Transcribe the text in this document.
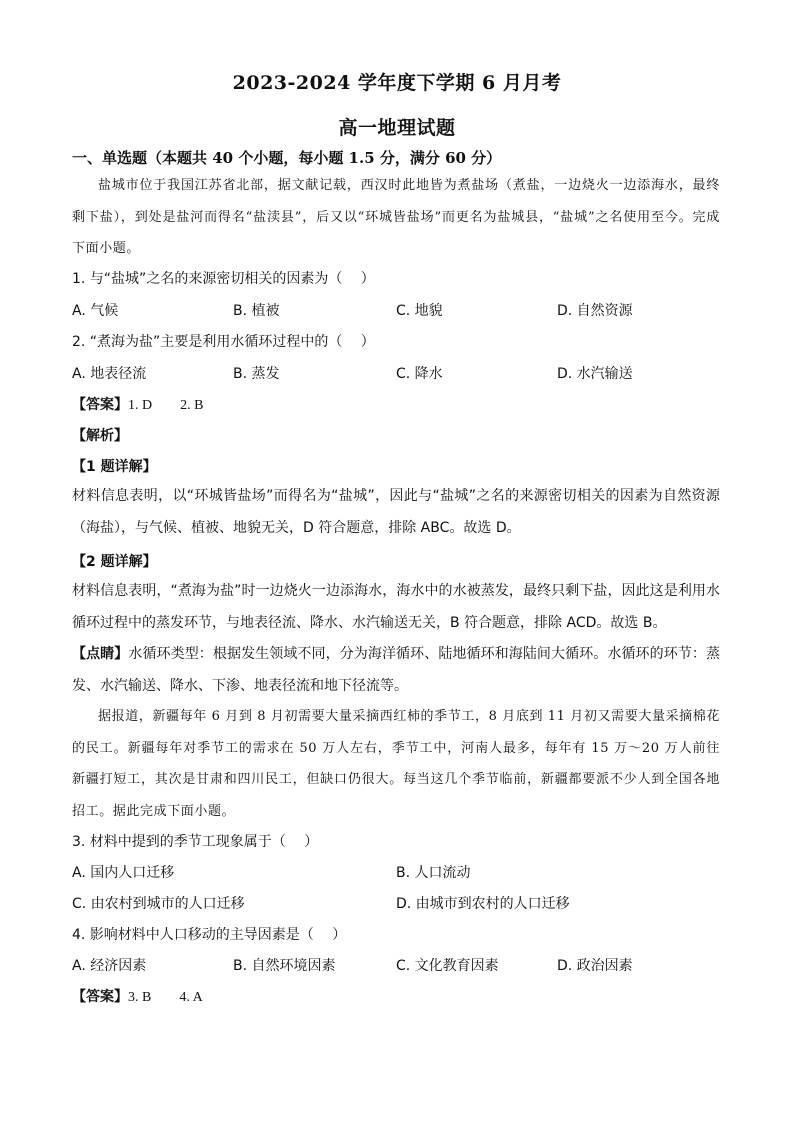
2023-2024 学年度下学期 6 月月考
高一地理试题
一、单选题（本题共 40 个小题，每小题 1.5 分，满分 60 分）
盐城市位于我国江苏省北部，据文献记载，西汉时此地皆为煮盐场（煮盐，一边烧火一边添海水，最终剩下盐），到处是盐河而得名“盐渎县”，后又以“环城皆盐场”而更名为盐城县，“盐城”之名使用至今。完成下面小题。
1. 与“盐城”之名的来源密切相关的因素为（　 ）
A. 气候	B. 植被	C. 地貌	D. 自然资源
2. “煮海为盐”主要是利用水循环过程中的（　 ）
A. 地表径流	B. 蒸发	C. 降水	D. 水汽输送
【答案】1. D　　2. B
【解析】
【1 题详解】
材料信息表明，以“环城皆盐场”而得名为“盐城”，因此与“盐城”之名的来源密切相关的因素为自然资源（海盐），与气候、植被、地貌无关，D 符合题意，排除 ABC。故选 D。
【2 题详解】
材料信息表明，“煮海为盐”时一边烧火一边添海水，海水中的水被蒸发，最终只剩下盐，因此这是利用水循环过程中的蒸发环节，与地表径流、降水、水汽输送无关，B 符合题意，排除 ACD。故选 B。
【点睛】水循环类型：根据发生领域不同，分为海洋循环、陆地循环和海陆间大循环。水循环的环节：蒸发、水汽输送、降水、下渗、地表径流和地下径流等。
据报道，新疆每年 6 月到 8 月初需要大量采摘西红柿的季节工，8 月底到 11 月初又需要大量采摘棉花的民工。新疆每年对季节工的需求在 50 万人左右，季节工中，河南人最多，每年有 15 万～20 万人前往新疆打短工，其次是甘肃和四川民工，但缺口仍很大。每当这几个季节临前，新疆都要派不少人到全国各地招工。据此完成下面小题。
3. 材料中提到的季节工现象属于（　 ）
A. 国内人口迁移	B. 人口流动
C. 由农村到城市的人口迁移	D. 由城市到农村的人口迁移
4. 影响材料中人口移动的主导因素是（　 ）
A. 经济因素	B. 自然环境因素	C. 文化教育因素	D. 政治因素
【答案】3. B　　4. A
